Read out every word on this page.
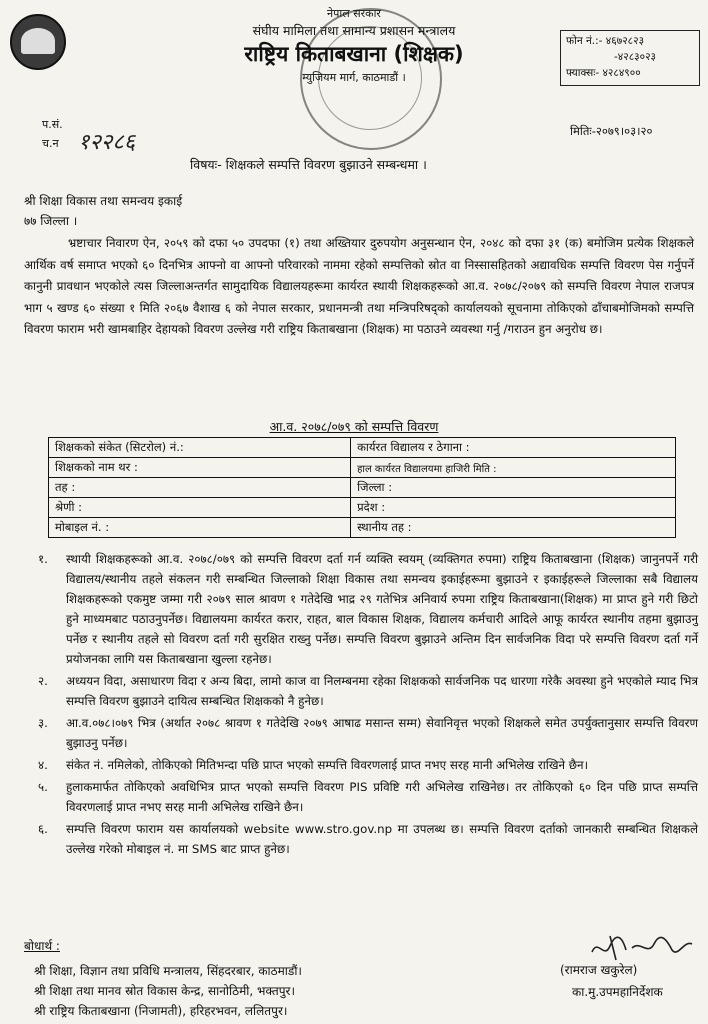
नेपाल सरकार
संघीय मामिला तथा सामान्य प्रशासन मन्त्रालय
राष्ट्रिय किताबखाना (शिक्षक)
म्युजियम मार्ग, काठमाडौं ।
फोन नं.:- ४६७२८२३
-४२८३०२३
फ्याक्सः- ४२८४९००
प.सं.
च.न १२२८६	मितिः-२०७९।०३।२०
विषयः- शिक्षकले सम्पत्ति विवरण बुझाउने सम्बन्धमा ।
श्री शिक्षा विकास तथा समन्वय इकाई
७७ जिल्ला ।
भ्रष्टाचार निवारण ऐन, २०५९ को दफा ५० उपदफा (१) तथा अख्तियार दुरुपयोग अनुसन्धान ऐन, २०४८ को दफा ३१ (क) बमोजिम प्रत्येक शिक्षकले आर्थिक वर्ष समाप्त भएको ६० दिनभित्र आफ्नो वा आफ्नो परिवारको नाममा रहेको सम्पत्तिको स्रोत वा निस्सासहितको अद्यावधिक सम्पत्ति विवरण पेस गर्नुपर्ने कानुनी प्रावधान भएकोले त्यस जिल्लाअन्तर्गत सामुदायिक विद्यालयहरूमा कार्यरत स्थायी शिक्षकहरूको आ.व. २०७८/२०७९ को सम्पत्ति विवरण नेपाल राजपत्र भाग ५ खण्ड ६० संख्या १ मिति २०६७ वैशाख ६ को नेपाल सरकार, प्रधानमन्त्री तथा मन्त्रिपरिषद्को कार्यालयको सूचनामा तोकिएको ढाँचाबमोजिमको सम्पत्ति विवरण फाराम भरी खामबाहिर देहायको विवरण उल्लेख गरी राष्ट्रिय किताबखाना (शिक्षक) मा पठाउने व्यवस्था गर्नु /गराउन हुन अनुरोध छ।
आ.व. २०७८/०७९ को सम्पत्ति विवरण
शिक्षकको संकेत (सिटरोल) नं.:	कार्यरत विद्यालय र ठेगाना :
शिक्षकको नाम थर :	हाल कार्यरत विद्यालयमा हाजिरी मिति :
तह :	जिल्ला :
श्रेणी :	प्रदेश :
मोबाइल नं. :	स्थानीय तह :
१.	स्थायी शिक्षकहरूको आ.व. २०७८/०७९ को सम्पत्ति विवरण दर्ता गर्न व्यक्ति स्वयम् (व्यक्तिगत रुपमा) राष्ट्रिय किताबखाना (शिक्षक) जानुनपर्ने गरी विद्यालय/स्थानीय तहले संकलन गरी सम्बन्धित जिल्लाको शिक्षा विकास तथा समन्वय इकाईहरूमा बुझाउने र इकाईहरूले जिल्लाका सबै विद्यालय शिक्षकहरूको एकमुष्ट जम्मा गरी २०७९ साल श्रावण १ गतेदेखि भाद्र २९ गतेभित्र अनिवार्य रुपमा राष्ट्रिय किताबखाना(शिक्षक) मा प्राप्त हुने गरी छिटो हुने माध्यमबाट पठाउनुपर्नेछ। विद्यालयमा कार्यरत करार, राहत, बाल विकास शिक्षक, विद्यालय कर्मचारी आदिले आफू कार्यरत स्थानीय तहमा बुझाउनु पर्नेछ र स्थानीय तहले सो विवरण दर्ता गरी सुरक्षित राख्नु पर्नेछ। सम्पत्ति विवरण बुझाउने अन्तिम दिन सार्वजनिक विदा परे सम्पत्ति विवरण दर्ता गर्ने प्रयोजनका लागि यस किताबखाना खुल्ला रहनेछ।
२.	अध्ययन विदा, असाधारण विदा र अन्य बिदा, लामो काज वा निलम्बनमा रहेका शिक्षकको सार्वजनिक पद धारणा गरेकै अवस्था हुने भएकोले म्याद भित्र सम्पत्ति विवरण बुझाउने दायित्व सम्बन्धित शिक्षकको नै हुनेछ।
३.	आ.व.०७८।०७९ भित्र (अर्थात २०७८ श्रावण १ गतेदेखि २०७९ आषाढ मसान्त सम्म) सेवानिवृत्त भएको शिक्षकले समेत उपर्युक्तानुसार सम्पत्ति विवरण बुझाउनु पर्नेछ।
४.	संकेत नं. नमिलेको, तोकिएको मितिभन्दा पछि प्राप्त भएको सम्पत्ति विवरणलाई प्राप्त नभए सरह मानी अभिलेख राखिने छैन।
५.	हुलाकमार्फत तोकिएको अवधिभित्र प्राप्त भएको सम्पत्ति विवरण PIS प्रविष्टि गरी अभिलेख राखिनेछ। तर तोकिएको ६० दिन पछि प्राप्त सम्पत्ति विवरणलाई प्राप्त नभए सरह मानी अभिलेख राखिने छैन।
६.	सम्पत्ति विवरण फाराम यस कार्यालयको website www.stro.gov.np मा उपलब्ध छ। सम्पत्ति विवरण दर्ताको जानकारी सम्बन्धित शिक्षकले उल्लेख गरेको मोबाइल नं. मा SMS बाट प्राप्त हुनेछ।
बोधार्थ :
श्री शिक्षा, विज्ञान तथा प्रविधि मन्त्रालय, सिंहदरबार, काठमाडौं।
श्री शिक्षा तथा मानव स्रोत विकास केन्द्र, सानोठिमी, भक्तपुर।
श्री राष्ट्रिय किताबखाना (निजामती), हरिहरभवन, ललितपुर।
(रामराज खकुरेल)
का.मु.उपमहानिर्देशक
